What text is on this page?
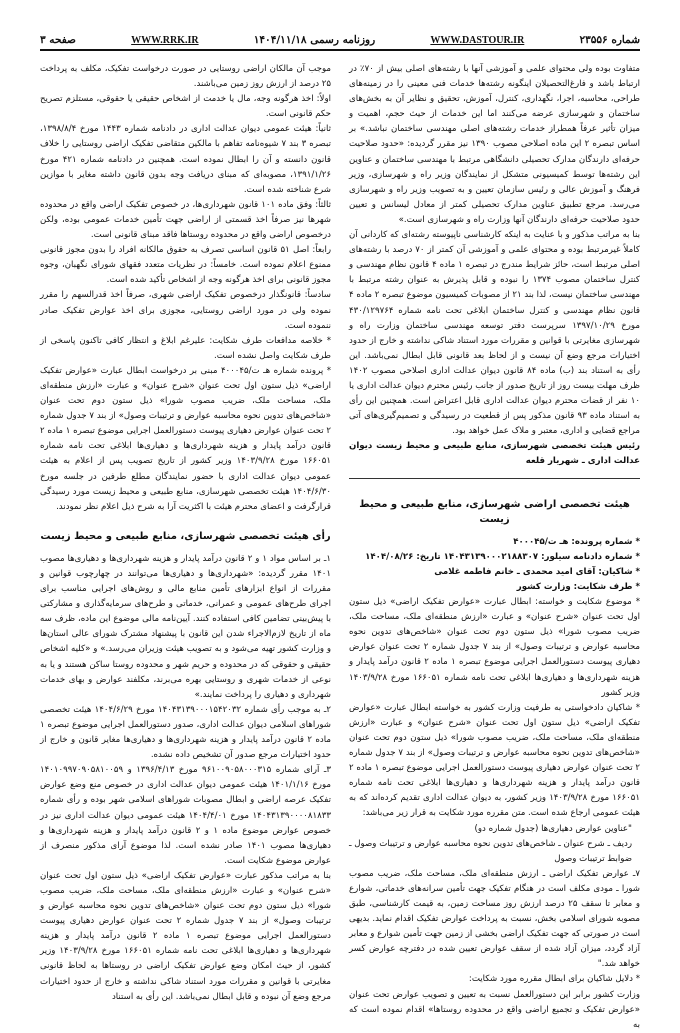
شماره ۲۳۵۵۶
WWW.DASTOUR.IR
روزنامه رسمی ۱۴۰۴/۱۱/۱۸
WWW.RRK.IR
صفحه ۳

متفاوت بوده ولی محتوای علمی و آموزشی آنها با رشته‌های اصلی بیش از ۷۰٪ در ارتباط باشد و فارغ‌التحصیلان اینگونه رشته‌ها خدمات فنی معینی را در زمینه‌های طراحی، محاسبه، اجرا، نگهداری، کنترل، آموزش، تحقیق و نظایر آن به بخش‌های ساختمان و شهرسازی عرضه می‌کنند اما این خدمات از حیث حجم، اهمیت و میزان تأثیر عرفاً همطراز خدمات رشته‌های اصلی مهندسی ساختمان نباشد.» بر اساس تبصره ۲ این ماده اصلاحی مصوب ۱۳۹۰ نیز مقرر گردیده: «حدود صلاحیت حرفه‌ای دارندگان مدارک تحصیلی دانشگاهی مرتبط با مهندسی ساختمان و عناوین این رشته‌ها توسط کمیسیونی متشکل از نمایندگان وزیر راه و شهرسازی، وزیر فرهنگ و آموزش عالی و رئیس سازمان تعیین و به تصویب وزیر راه و شهرسازی می‌رسد. مرجع تطبیق عناوین مدارک تحصیلی کمتر از معادل لیسانس و تعیین حدود صلاحیت حرفه‌ای دارندگان آنها وزارت راه و شهرسازی است.»

بنا به مراتب مذکور و با عنایت به اینکه کارشناسی ناپیوسته رشته‌ای که کاردانی آن کاملاً غیرمرتبط بوده و محتوای علمی و آموزشی آن کمتر از ۷۰ درصد با رشته‌های اصلی مرتبط است، حائز شرایط مندرج در تبصره ۱ ماده ۴ قانون نظام مهندسی و کنترل ساختمان مصوب ۱۳۷۴ را نبوده و قابل پذیرش به عنوان رشته مرتبط با مهندسی ساختمان نیست، لذا بند ۲۱ از مصوبات کمیسیون موضوع تبصره ۲ ماده ۴ قانون نظام مهندسی و کنترل ساختمان ابلاغی تحت نامه شماره ۴۳۰/۱۲۹۷۶۴ مورخ ۱۳۹۷/۱۰/۲۹ سرپرست دفتر توسعه مهندسی ساختمان وزارت راه و شهرسازی مغایرتی با قوانین و مقررات مورد استناد شاکی نداشته و خارج از حدود اختیارات مرجع وضع آن نیست و از لحاظ بعد قانونی قابل ابطال نمی‌باشد. این رأی به استناد بند (ب) ماده ۸۴ قانون دیوان عدالت اداری اصلاحی مصوب ۱۴۰۲ ظرف مهلت بیست روز از تاریخ صدور از جانب رئیس محترم دیوان عدالت اداری یا ۱۰ نفر از قضات محترم دیوان عدالت اداری قابل اعتراض است. همچنین این رأی به استناد ماده ۹۳ قانون مذکور پس از قطعیت در رسیدگی و تصمیم‌گیری‌های آتی مراجع قضایی و اداری، معتبر و ملاک عمل خواهد بود.

رئیس هیئت تخصصی شهرسازی، منابع طبیعی و محیط زیست دیوان عدالت اداری ـ شهریار قلعه

هیئت تخصصی اراضی شهرسازی، منابع طبیعی و محیط زیست

* شماره پرونده: هـ ت/۴۰۰۰۴۵

* شماره دادنامه سیلور: ۱۴۰۴۳۱۳۹۰۰۰۲۱۸۸۳۰۷ تاریخ: ۱۴۰۴/۰۸/۲۶

* شاکیان: آقای امید محمدی ـ خانم فاطمه غلامی

* طرف شکایت: وزارت کشور

* موضوع شکایت و خواسته: ابطال عبارت «عوارض تفکیک اراضی» ذیل ستون اول تحت عنوان «شرح عنوان» و عبارت «ارزش منطقه‌ای ملک، مساحت ملک، ضریب مصوب شورا» ذیل ستون دوم تحت عنوان «شاخص‌های تدوین نحوه محاسبه عوارض و ترتیبات وصول» از بند ۷ جدول شماره ۲ تحت عنوان عوارض دهیاری پیوست دستورالعمل اجرایی موضوع تبصره ۱ ماده ۲ قانون درآمد پایدار و هزینه شهرداری‌ها و دهیاری‌ها ابلاغی تحت نامه شماره ۱۶۶۰۵۱ مورخ ۱۴۰۳/۹/۲۸ وزیر کشور

* شاکیان دادخواستی به طرفیت وزارت کشور به خواسته ابطال عبارت «عوارض تفکیک اراضی» ذیل ستون اول تحت عنوان «شرح عنوان» و عبارت «ارزش منطقه‌ای ملک، مساحت ملک، ضریب مصوب شورا» ذیل ستون دوم تحت عنوان «شاخص‌های تدوین نحوه محاسبه عوارض و ترتیبات وصول» از بند ۷ جدول شماره ۲ تحت عنوان عوارض دهیاری پیوست دستورالعمل اجرایی موضوع تبصره ۱ ماده ۲ قانون درآمد پایدار و هزینه شهرداری‌ها و دهیاری‌ها ابلاغی تحت نامه شماره ۱۶۶۰۵۱ مورخ ۱۴۰۳/۹/۲۸ وزیر کشور، به دیوان عدالت اداری تقدیم کرده‌اند که به هیئت عمومی ارجاع شده است. متن مقرره مورد شکایت به قرار زیر می‌باشد:

"عناوین عوارض دهیاری‌ها (جدول شماره دو)

ردیف ـ شرح عنوان ـ شاخص‌های تدوین نحوه محاسبه عوارض و ترتیبات وصول ـ ضوابط ترتیبات وصول

۷ـ عوارض تفکیک اراضی ـ ارزش منطقه‌ای ملک، مساحت ملک، ضریب مصوب شورا ـ مودی مکلف است در هنگام تفکیک جهت تأمین سرانه‌های خدماتی، شوارع و معابر تا سقف ۲۵ درصد ارزش روز مساحت زمین، به قیمت کارشناسی، طبق مصوبه شورای اسلامی بخش، نسبت به پرداخت عوارض تفکیک اقدام نماید. بدیهی است در صورتی که جهت تفکیک اراضی بخشی از زمین جهت تأمین شوارع و معابر آزاد گردد، میزان آزاد شده از سقف عوارض تعیین شده در دفترچه عوارض کسر خواهد شد."

* دلایل شاکیان برای ابطال مقرره مورد شکایت:

وزارت کشور برابر این دستورالعمل نسبت به تعیین و تصویب عوارض تحت عنوان «عوارض تفکیک و تجمیع اراضی واقع در محدوده روستاها» اقدام نموده است که به

موجب آن مالکان اراضی روستایی در صورت درخواست تفکیک، مکلف به پرداخت ۲۵ درصد از ارزش روز زمین می‌باشند.

اولاً: اخذ هرگونه وجه، مال یا خدمت از اشخاص حقیقی یا حقوقی، مستلزم تصریح حکم قانونی است.

ثانیاً: هیئت عمومی دیوان عدالت اداری در دادنامه شماره ۱۴۴۳ مورخ ۱۳۹۸/۸/۴، تبصره ۳ بند ۷ شیوه‌نامه تفاهم با مالکین متقاضی تفکیک اراضی روستایی را خلاف قانون دانسته و آن را ابطال نموده است. همچنین در دادنامه شماره ۴۲۱ مورخ ۱۳۹۱/۱/۲۶، مصوبه‌ای که مبنای دریافت وجه بدون قانون داشته مغایر با موازین شرع شناخته شده است.

ثالثاً: وفق ماده ۱۰۱ قانون شهرداری‌ها، در خصوص تفکیک اراضی واقع در محدوده شهرها نیز صرفاً اخذ قسمتی از اراضی جهت تأمین خدمات عمومی بوده، ولکن درخصوص اراضی واقع در محدوده روستاها فاقد مبنای قانونی است.

رابعاً: اصل ۵۱ قانون اساسی تصرف به حقوق مالکانه افراد را بدون مجوز قانونی ممنوع اعلام نموده است. خامساً: در نظریات متعدد فقهای شورای نگهبان، وجوه مجوز قانونی برای اخذ هرگونه وجه از اشخاص تأکید شده است.

سادساً: قانونگذار درخصوص تفکیک اراضی شهری، صرفاً اخذ قدرالسهم را مقرر نموده ولی در مورد اراضی روستایی، مجوزی برای اخذ عوارض تفکیک صادر ننموده است.

* خلاصه مدافعات طرف شکایت: علیرغم ابلاغ و انتظار کافی تاکنون پاسخی از طرف شکایت واصل نشده است.

* پرونده شماره هـ ت/۴۰۰۰۴۵ مبنی بر درخواست ابطال عبارت «عوارض تفکیک اراضی» ذیل ستون اول تحت عنوان «شرح عنوان» و عبارت «ارزش منطقه‌ای ملک، مساحت ملک، ضریب مصوب شورا» ذیل ستون دوم تحت عنوان «شاخص‌های تدوین نحوه محاسبه عوارض و ترتیبات وصول» از بند ۷ جدول شماره ۲ تحت عنوان عوارض دهیاری پیوست دستورالعمل اجرایی موضوع تبصره ۱ ماده ۲ قانون درآمد پایدار و هزینه شهرداری‌ها و دهیاری‌ها ابلاغی تحت نامه شماره ۱۶۶۰۵۱ مورخ ۱۴۰۳/۹/۲۸ وزیر کشور از تاریخ تصویب پس از اعلام به هیئت عمومی دیوان عدالت اداری با حضور نمایندگان مطلع طرفین در جلسه مورخ ۱۴۰۴/۶/۳۰ هیئت تخصصی شهرسازی، منابع طبیعی و محیط زیست مورد رسیدگی قرارگرفت و اعضای محترم هیئت با اکثریت آرا به شرح ذیل اعلام نظر نمودند.

رأی هیئت تخصصی شهرسازی، منابع طبیعی و محیط زیست

۱ـ بر اساس مواد ۱ و ۲ قانون درآمد پایدار و هزینه شهرداری‌ها و دهیاری‌ها مصوب ۱۴۰۱ مقرر گردیده: «شهرداری‌ها و دهیاری‌ها می‌توانند در چهارچوب قوانین و مقررات از انواع ابزارهای تأمین منابع مالی و روش‌های اجرایی مناسب برای اجرای طرح‌های عمومی و عمرانی، خدماتی و طرح‌های سرمایه‌گذاری و مشارکتی با پیش‌بینی تضامین کافی استفاده کنند. آیین‌نامه مالی موضوع این ماده، ظرف سه ماه از تاریخ لازم‌الاجراء شدن این قانون با پیشنهاد مشترک شورای عالی استان‌ها و وزارت کشور تهیه می‌شود و به تصویب هیئت وزیران می‌رسد.» و «کلیه اشخاص حقیقی و حقوقی که در محدوده و حریم شهر و محدوده روستا ساکن هستند و یا به نوعی از خدمات شهری و روستایی بهره می‌برند، مکلفند عوارض و بهای خدمات شهرداری و دهیاری را پرداخت نمایند.»

۲ـ به موجب رأی شماره ۱۴۰۴۳۱۳۹۰۰۰۱۵۴۲۰۳۲ مورخ ۱۴۰۴/۶/۲۹ هیئت تخصصی شوراهای اسلامی دیوان عدالت اداری، صدور دستورالعمل اجرایی موضوع تبصره ۱ ماده ۲ قانون درآمد پایدار و هزینه شهرداری‌ها و دهیاری‌ها مغایر قانون و خارج از حدود اختیارات مرجع صدور آن تشخیص داده نشده.

۳ـ آرای شماره ۹۶۱۰۰۹۰۵۸۰۰۰۳۱۵ مورخ ۱۳۹۶/۴/۱۳ و ۱۴۰۱۰۹۹۷۰۹۰۵۸۱۰۰۵۹ مورخ ۱۴۰۱/۱/۱۶ هیئت عمومی دیوان عدالت اداری در خصوص منع وضع عوارض تفکیک عرصه اراضی و ابطال مصوبات شوراهای اسلامی شهر بوده و رأی شماره ۱۴۰۴۳۱۳۹۰۰۰۰۸۱۸۳۳ مورخ ۱۴۰۴/۴/۰۱ هیئت عمومی دیوان عدالت اداری نیز در خصوص عوارض موضوع ماده ۱ و ۲ قانون درآمد پایدار و هزینه شهرداری‌ها و دهیاری‌ها مصوب ۱۴۰۱ صادر نشده است. لذا موضوع آرای مذکور منصرف از عوارض موضوع شکایت است.

بنا به مراتب مذکور عبارت «عوارض تفکیک اراضی» ذیل ستون اول تحت عنوان «شرح عنوان» و عبارت «ارزش منطقه‌ای ملک، مساحت ملک، ضریب مصوب شورا» ذیل ستون دوم تحت عنوان «شاخص‌های تدوین نحوه محاسبه عوارض و ترتیبات وصول» از بند ۷ جدول شماره ۲ تحت عنوان عوارض دهیاری پیوست دستورالعمل اجرایی موضوع تبصره ۱ ماده ۲ قانون درآمد پایدار و هزینه شهرداری‌ها و دهیاری‌ها ابلاغی تحت نامه شماره ۱۶۶۰۵۱ مورخ ۱۴۰۳/۹/۲۸ وزیر کشور، از حیث امکان وضع عوارض تفکیک اراضی در روستاها به لحاظ قانونی مغایرتی با قوانین و مقررات مورد استناد شاکی نداشته و خارج از حدود اختیارات مرجع وضع آن نبوده و قابل ابطال نمی‌باشد. این رأی به استناد
